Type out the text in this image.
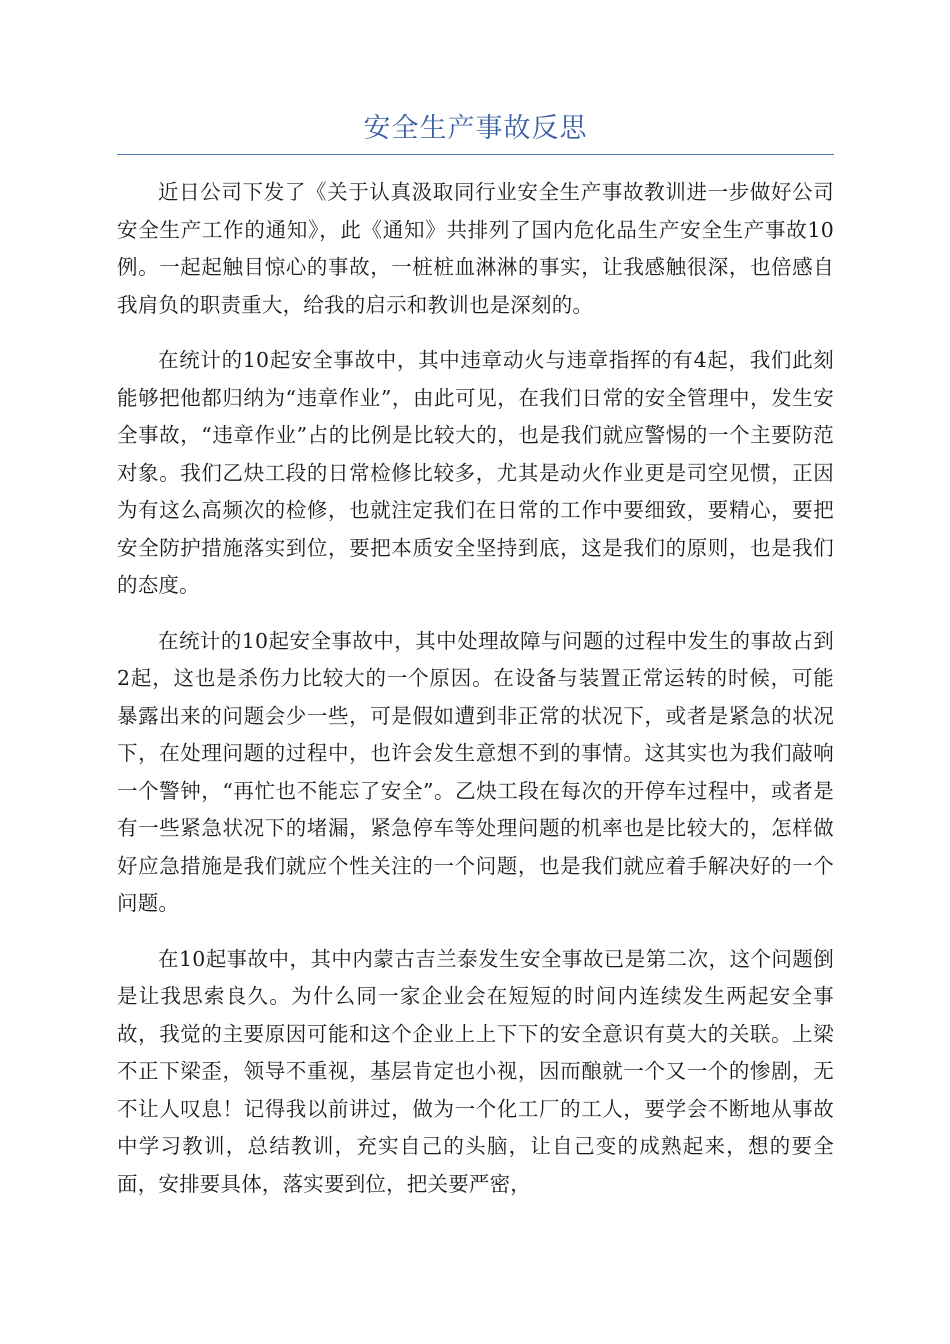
安全生产事故反思

近日公司下发了《关于认真汲取同行业安全生产事故教训进一步做好公司安全生产工作的通知》，此《通知》共排列了国内危化品生产安全生产事故10例。一起起触目惊心的事故，一桩桩血淋淋的事实，让我感触很深，也倍感自我肩负的职责重大，给我的启示和教训也是深刻的。

在统计的10起安全事故中，其中违章动火与违章指挥的有4起，我们此刻能够把他都归纳为“违章作业”，由此可见，在我们日常的安全管理中，发生安全事故，“违章作业”占的比例是比较大的，也是我们就应警惕的一个主要防范对象。我们乙炔工段的日常检修比较多，尤其是动火作业更是司空见惯，正因为有这么高频次的检修，也就注定我们在日常的工作中要细致，要精心，要把安全防护措施落实到位，要把本质安全坚持到底，这是我们的原则，也是我们的态度。

在统计的10起安全事故中，其中处理故障与问题的过程中发生的事故占到2起，这也是杀伤力比较大的一个原因。在设备与装置正常运转的时候，可能暴露出来的问题会少一些，可是假如遭到非正常的状况下，或者是紧急的状况下，在处理问题的过程中，也许会发生意想不到的事情。这其实也为我们敲响一个警钟，“再忙也不能忘了安全”。乙炔工段在每次的开停车过程中，或者是有一些紧急状况下的堵漏，紧急停车等处理问题的机率也是比较大的，怎样做好应急措施是我们就应个性关注的一个问题，也是我们就应着手解决好的一个问题。

在10起事故中，其中内蒙古吉兰泰发生安全事故已是第二次，这个问题倒是让我思索良久。为什么同一家企业会在短短的时间内连续发生两起安全事故，我觉的主要原因可能和这个企业上上下下的安全意识有莫大的关联。上梁不正下梁歪，领导不重视，基层肯定也小视，因而酿就一个又一个的惨剧，无不让人叹息！记得我以前讲过，做为一个化工厂的工人，要学会不断地从事故中学习教训，总结教训，充实自己的头脑，让自己变的成熟起来，想的要全面，安排要具体，落实要到位，把关要严密，
